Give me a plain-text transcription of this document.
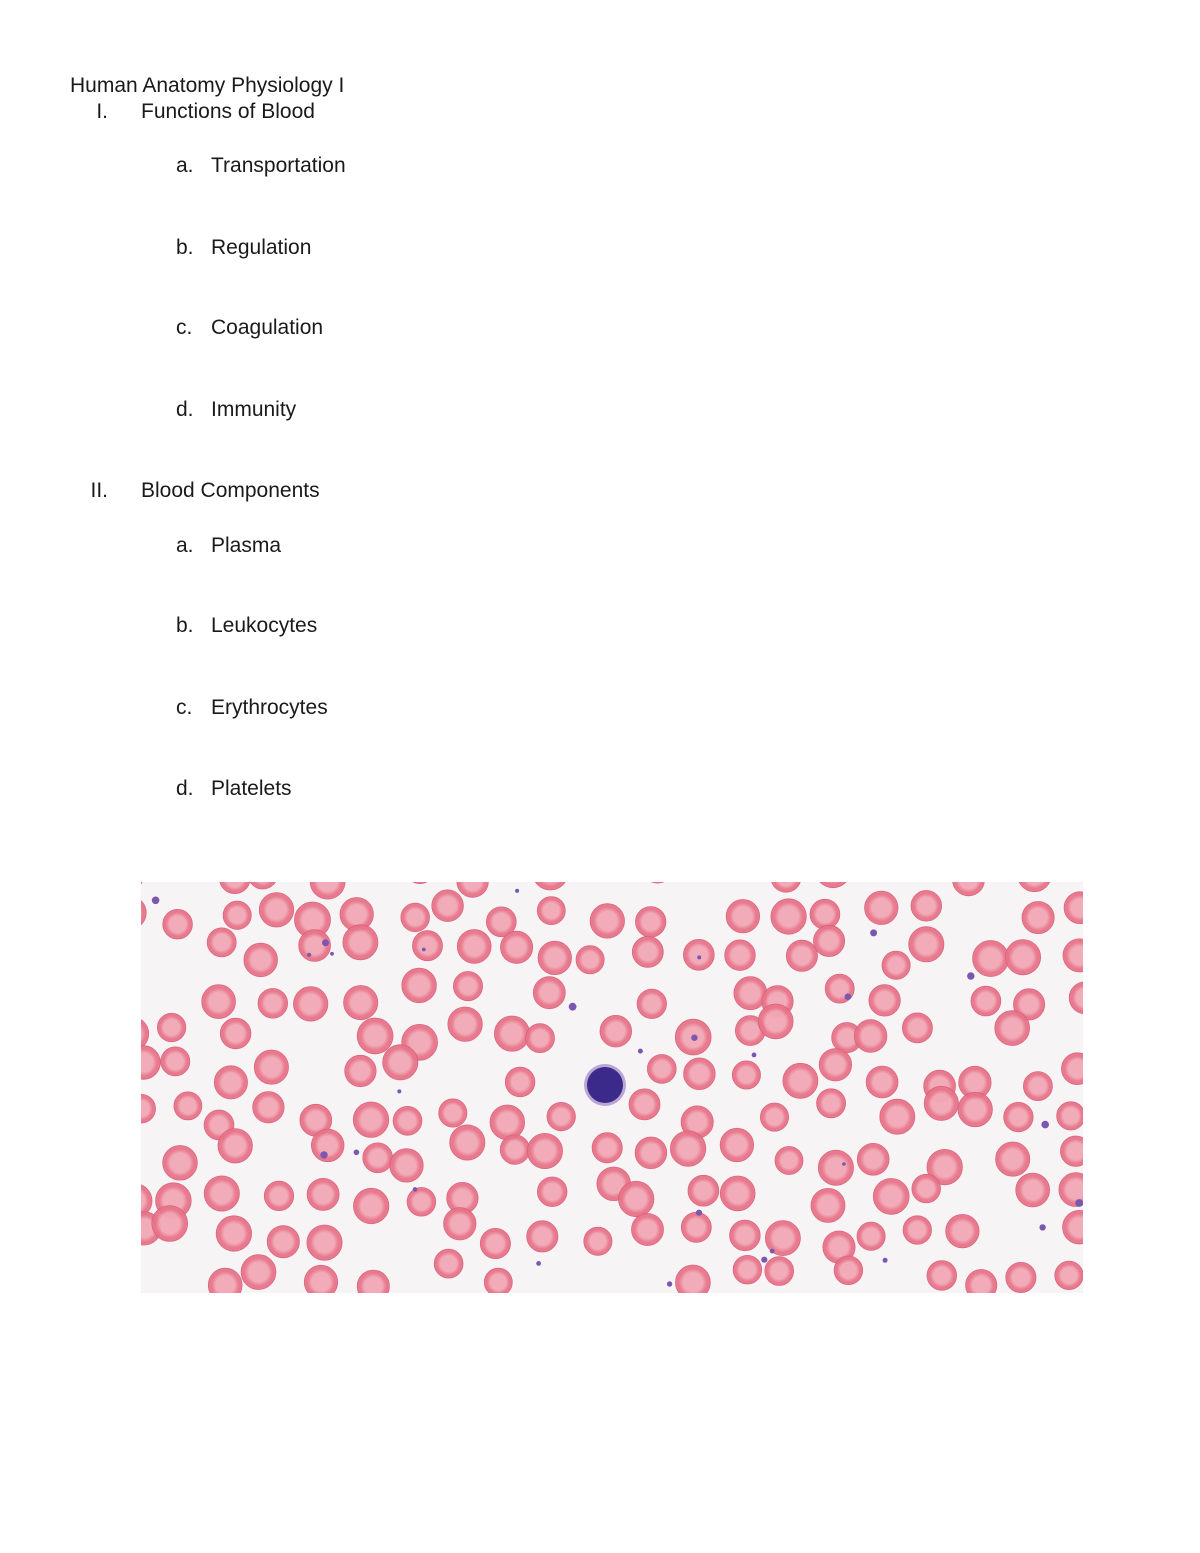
Human Anatomy Physiology I
I. Functions of Blood
a. Transportation
b. Regulation
c. Coagulation
d. Immunity
II. Blood Components
a. Plasma
b. Leukocytes
c. Erythrocytes
d. Platelets
